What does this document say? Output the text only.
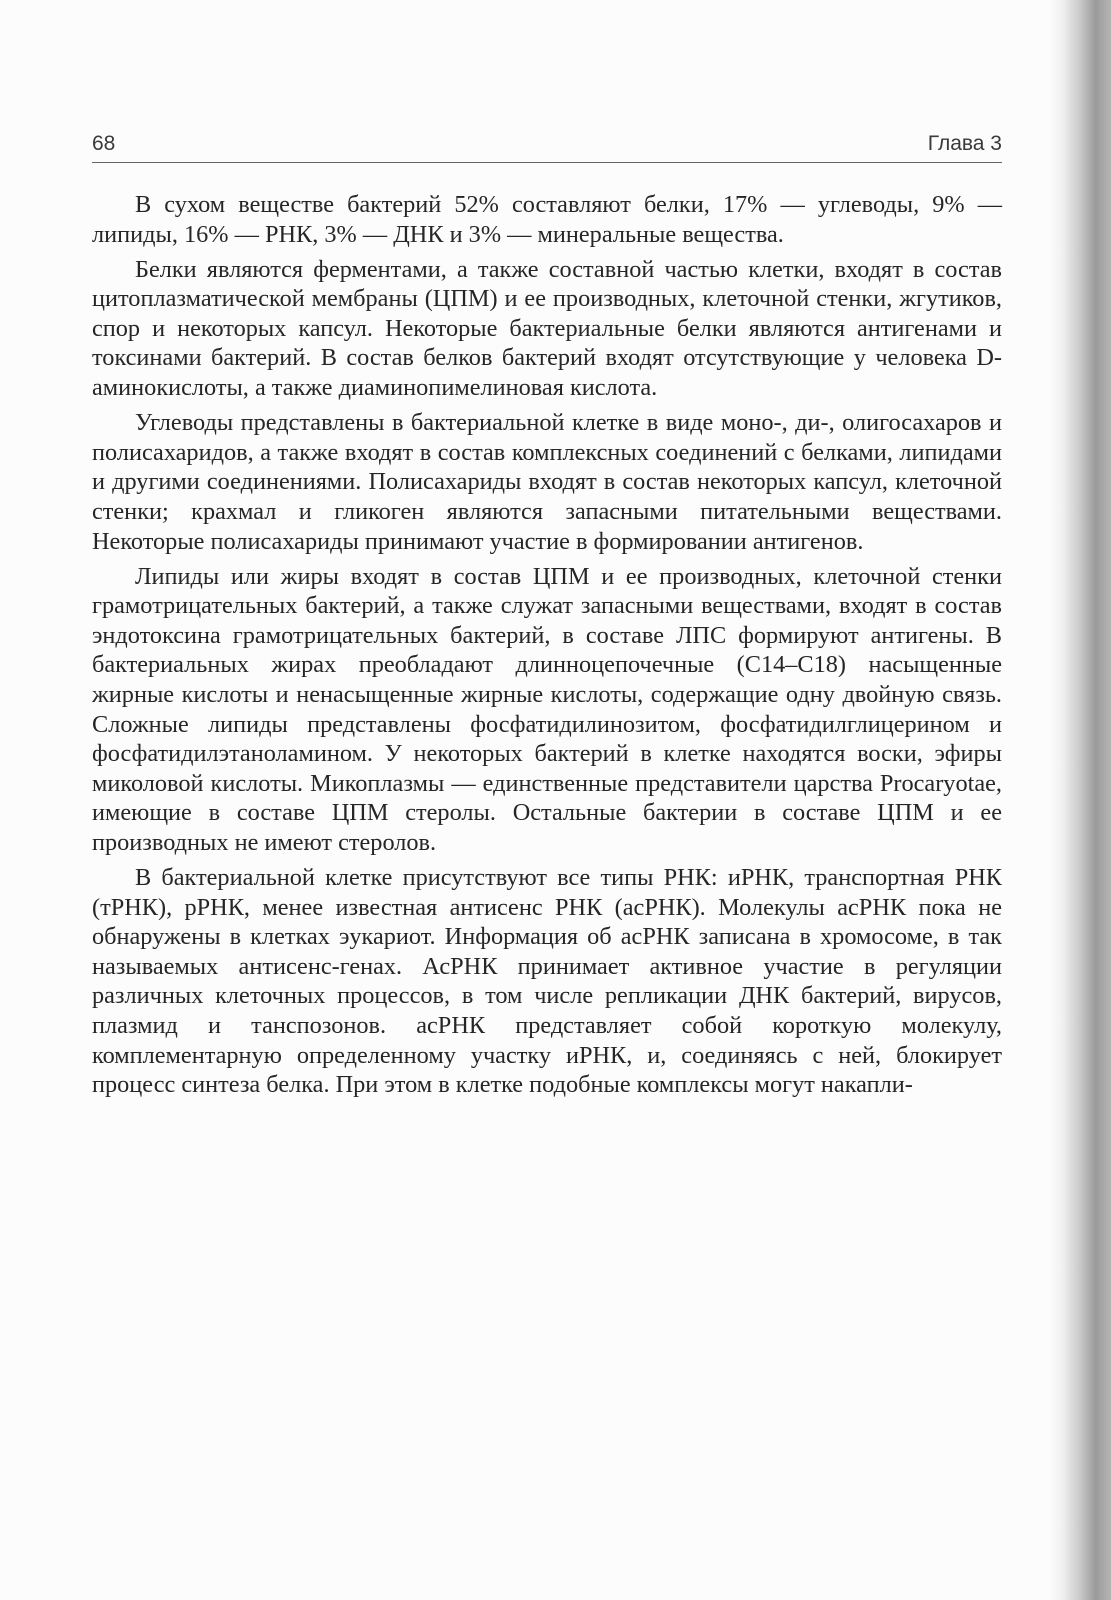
68	Глава 3

В сухом веществе бактерий 52% составляют белки, 17% — углеводы, 9% — липиды, 16% — РНК, 3% — ДНК и 3% — минеральные вещества.

Белки являются ферментами, а также составной частью клетки, входят в состав цитоплазматической мембраны (ЦПМ) и ее производных, клеточной стенки, жгутиков, спор и некоторых капсул. Некоторые бактериальные белки являются антигенами и токсинами бактерий. В состав белков бактерий входят отсутствующие у человека D-аминокислоты, а также диаминопимелиновая кислота.

Углеводы представлены в бактериальной клетке в виде моно-, ди-, олигосахаров и полисахаридов, а также входят в состав комплексных соединений с белками, липидами и другими соединениями. Полисахариды входят в состав некоторых капсул, клеточной стенки; крахмал и гликоген являются запасными питательными веществами. Некоторые полисахариды принимают участие в формировании антигенов.

Липиды или жиры входят в состав ЦПМ и ее производных, клеточной стенки грамотрицательных бактерий, а также служат запасными веществами, входят в состав эндотоксина грамотрицательных бактерий, в составе ЛПС формируют антигены. В бактериальных жирах преобладают длинноцепочечные (С14–С18) насыщенные жирные кислоты и ненасыщенные жирные кислоты, содержащие одну двойную связь. Сложные липиды представлены фосфатидилинозитом, фосфатидилглицерином и фосфатидилэтаноламином. У некоторых бактерий в клетке находятся воски, эфиры миколовой кислоты. Микоплазмы — единственные представители царства Procaryotae, имеющие в составе ЦПМ стеролы. Остальные бактерии в составе ЦПМ и ее производных не имеют стеролов.

В бактериальной клетке присутствуют все типы РНК: иРНК, транспортная РНК (тРНК), рРНК, менее известная антисенс РНК (асРНК). Молекулы асРНК пока не обнаружены в клетках эукариот. Информация об асРНК записана в хромосоме, в так называемых антисенс-генах. АсРНК принимает активное участие в регуляции различных клеточных процессов, в том числе репликации ДНК бактерий, вирусов, плазмид и танспозонов. асРНК представляет собой короткую молекулу, комплементарную определенному участку иРНК, и, соединяясь с ней, блокирует процесс синтеза белка. При этом в клетке подобные комплексы могут накапли-
